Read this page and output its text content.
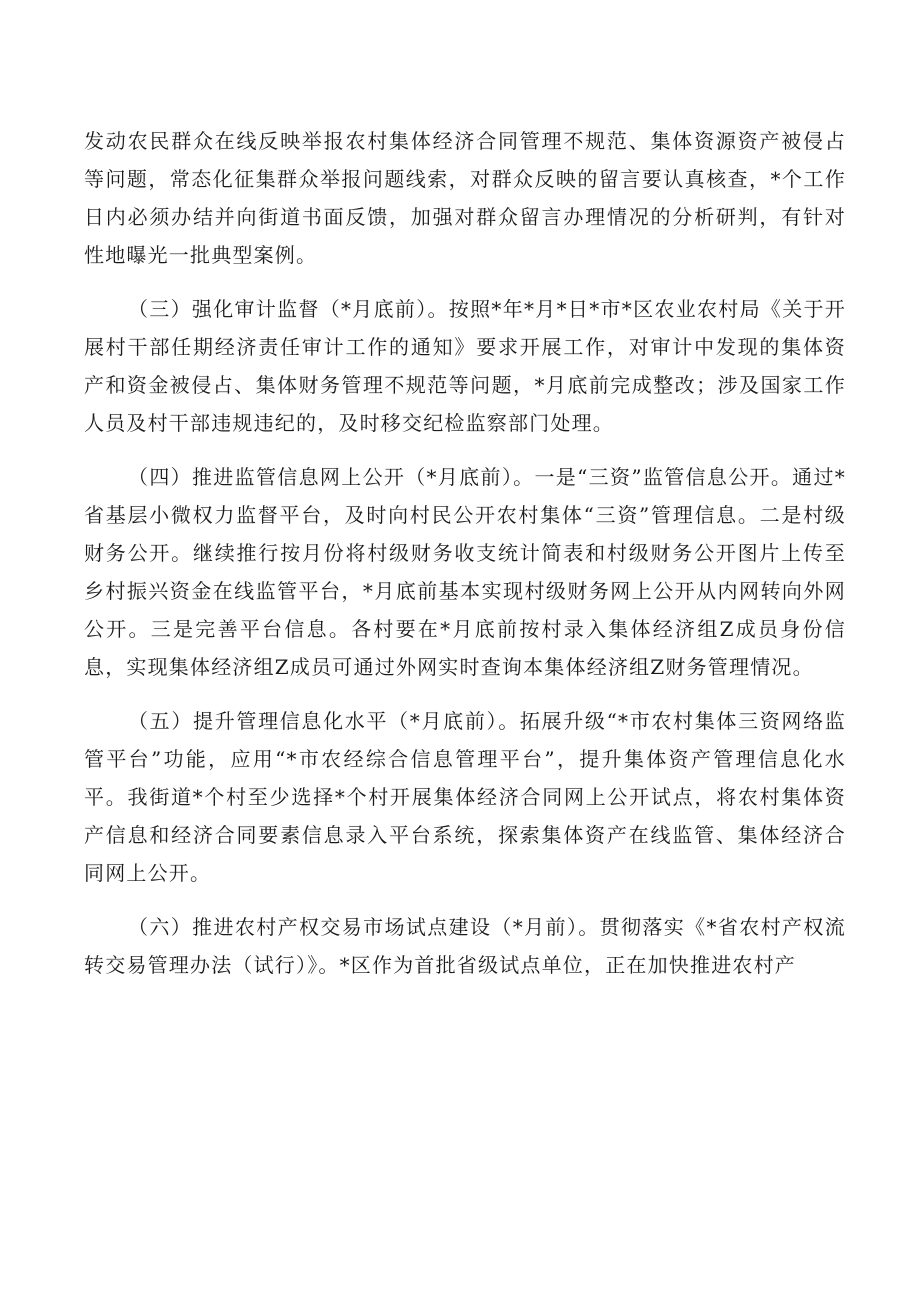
发动农民群众在线反映举报农村集体经济合同管理不规范、集体资源资产被侵占等问题，常态化征集群众举报问题线索，对群众反映的留言要认真核查，*个工作日内必须办结并向街道书面反馈，加强对群众留言办理情况的分析研判，有针对性地曝光一批典型案例。

（三）强化审计监督（*月底前）。按照*年*月*日*市*区农业农村局《关于开展村干部任期经济责任审计工作的通知》要求开展工作，对审计中发现的集体资产和资金被侵占、集体财务管理不规范等问题，*月底前完成整改；涉及国家工作人员及村干部违规违纪的，及时移交纪检监察部门处理。

（四）推进监管信息网上公开（*月底前）。一是“三资”监管信息公开。通过*省基层小微权力监督平台，及时向村民公开农村集体“三资”管理信息。二是村级财务公开。继续推行按月份将村级财务收支统计简表和村级财务公开图片上传至乡村振兴资金在线监管平台，*月底前基本实现村级财务网上公开从内网转向外网公开。三是完善平台信息。各村要在*月底前按村录入集体经济组Z成员身份信息，实现集体经济组Z成员可通过外网实时查询本集体经济组Z财务管理情况。

（五）提升管理信息化水平（*月底前）。拓展升级“*市农村集体三资网络监管平台”功能，应用“*市农经综合信息管理平台”，提升集体资产管理信息化水平。我街道*个村至少选择*个村开展集体经济合同网上公开试点，将农村集体资产信息和经济合同要素信息录入平台系统，探索集体资产在线监管、集体经济合同网上公开。

（六）推进农村产权交易市场试点建设（*月前）。贯彻落实《*省农村产权流转交易管理办法（试行）》。*区作为首批省级试点单位，正在加快推进农村产
